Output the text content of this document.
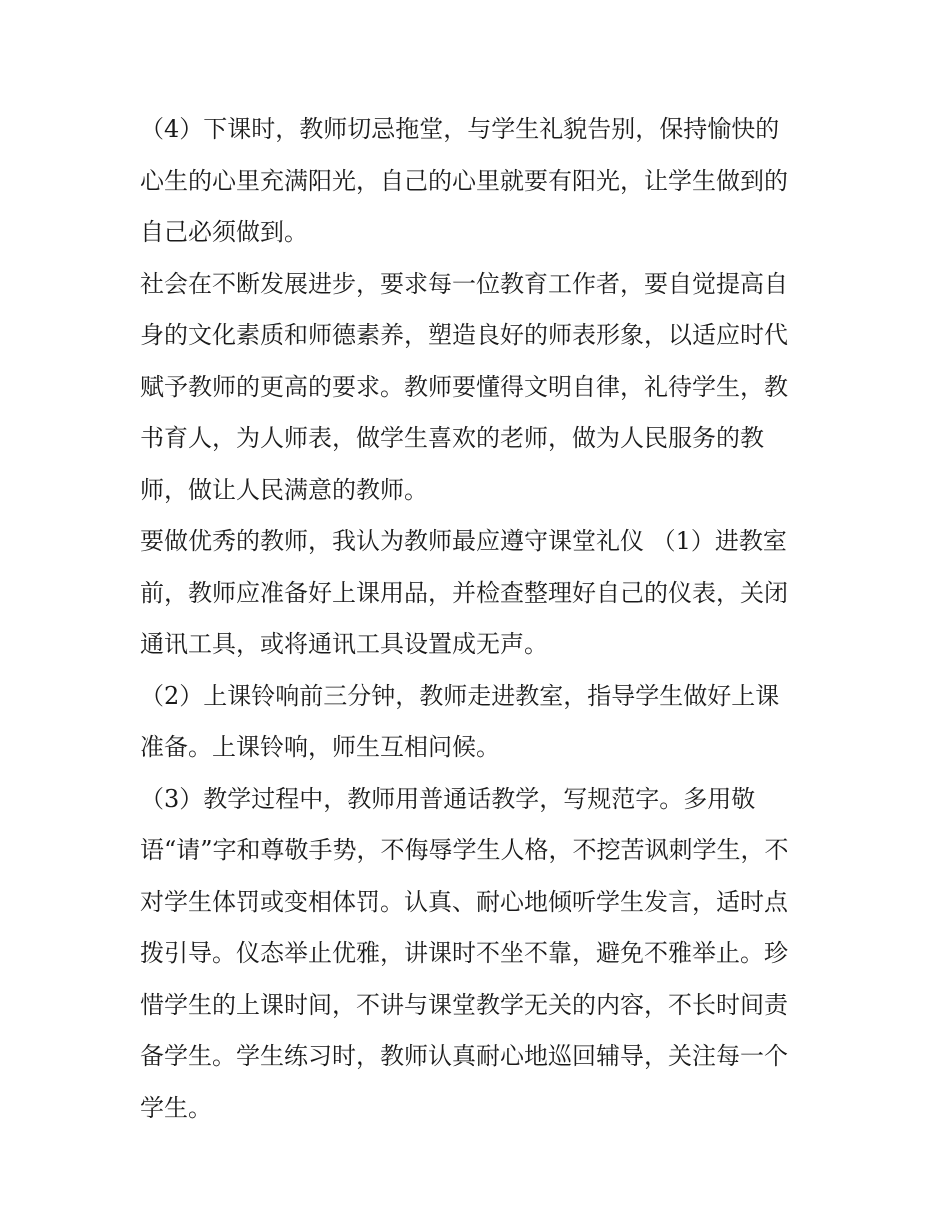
（4）下课时，教师切忌拖堂，与学生礼貌告别，保持愉快的
心生的心里充满阳光，自己的心里就要有阳光，让学生做到的
自己必须做到。
社会在不断发展进步，要求每一位教育工作者，要自觉提高自
身的文化素质和师德素养，塑造良好的师表形象，以适应时代
赋予教师的更高的要求。教师要懂得文明自律，礼待学生，教
书育人，为人师表，做学生喜欢的老师，做为人民服务的教
师，做让人民满意的教师。
要做优秀的教师，我认为教师最应遵守课堂礼仪 （1）进教室
前，教师应准备好上课用品，并检查整理好自己的仪表，关闭
通讯工具，或将通讯工具设置成无声。
（2）上课铃响前三分钟，教师走进教室，指导学生做好上课
准备。上课铃响，师生互相问候。
（3）教学过程中，教师用普通话教学，写规范字。多用敬
语“请”字和尊敬手势，不侮辱学生人格，不挖苦讽刺学生，不
对学生体罚或变相体罚。认真、耐心地倾听学生发言，适时点
拨引导。仪态举止优雅，讲课时不坐不靠，避免不雅举止。珍
惜学生的上课时间，不讲与课堂教学无关的内容，不长时间责
备学生。学生练习时，教师认真耐心地巡回辅导，关注每一个
学生。
